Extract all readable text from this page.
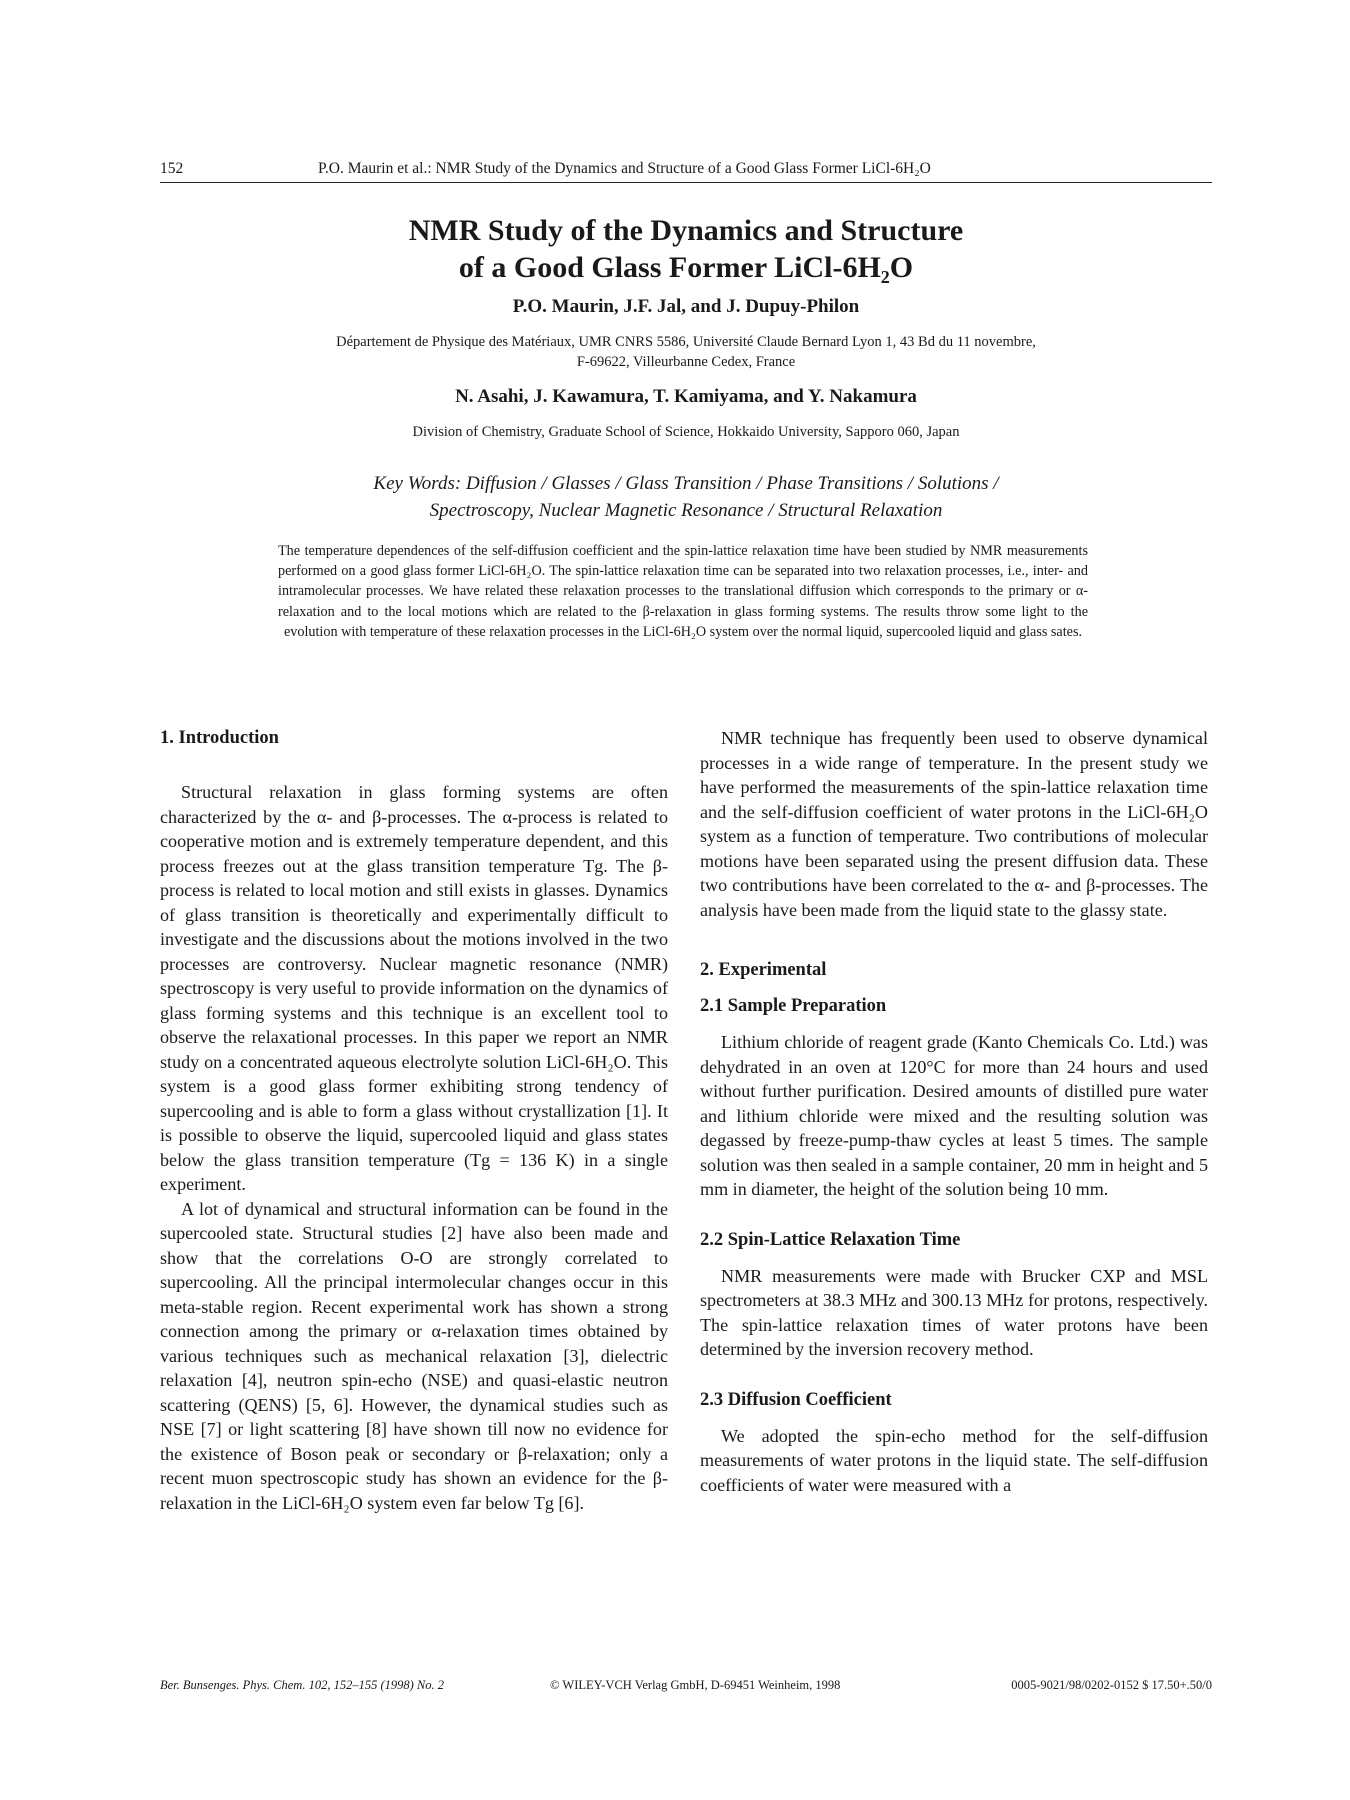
152	P.O. Maurin et al.: NMR Study of the Dynamics and Structure of a Good Glass Former LiCl-6H₂O

NMR Study of the Dynamics and Structure

of a Good Glass Former LiCl-6H₂O

P.O. Maurin, J.F. Jal, and J. Dupuy-Philon

Département de Physique des Matériaux, UMR CNRS 5586, Université Claude Bernard Lyon 1, 43 Bd du 11 novembre,

F-69622, Villeurbanne Cedex, France

N. Asahi, J. Kawamura, T. Kamiyama, and Y. Nakamura
Division of Chemistry, Graduate School of Science, Hokkaido University, Sapporo 060, Japan

Key Words: Diffusion / Glasses / Glass Transition / Phase Transitions / Solutions /

Spectroscopy, Nuclear Magnetic Resonance / Structural Relaxation

The temperature dependences of the self-diffusion coefficient and the spin-lattice relaxation time have been studied by NMR measurements performed on a good glass former LiCl-6H₂O. The spin-lattice relaxation time can be separated into two relaxation processes, i.e., inter- and intramolecular processes. We have related these relaxation processes to the translational diffusion which corresponds to the primary or α-relaxation and to the local motions which are related to the β-relaxation in glass forming systems. The results throw some light to the evolution with temperature of these relaxation processes in the LiCl-6H₂O system over the normal liquid, supercooled liquid and glass sates.
1. Introduction

Structural relaxation in glass forming systems are often characterized by the α- and β-processes. The α-process is related to cooperative motion and is extremely temperature dependent, and this process freezes out at the glass transition temperature Tg. The β-process is related to local motion and still exists in glasses. Dynamics of glass transition is theoretically and experimentally difficult to investigate and the discussions about the motions involved in the two processes are controversy. Nuclear magnetic resonance (NMR) spectroscopy is very useful to provide information on the dynamics of glass forming systems and this technique is an excellent tool to observe the relaxational processes. In this paper we report an NMR study on a concentrated aqueous electrolyte solution LiCl-6H₂O. This system is a good glass former exhibiting strong tendency of supercooling and is able to form a glass without crystallization [1]. It is possible to observe the liquid, supercooled liquid and glass states below the glass transition temperature (Tg = 136 K) in a single experiment.

A lot of dynamical and structural information can be found in the supercooled state. Structural studies [2] have also been made and show that the correlations O-O are strongly correlated to supercooling. All the principal intermolecular changes occur in this meta-stable region. Recent experimental work has shown a strong connection among the primary or α-relaxation times obtained by various techniques such as mechanical relaxation [3], dielectric relaxation [4], neutron spin-echo (NSE) and quasi-elastic neutron scattering (QENS) [5, 6]. However, the dynamical studies such as NSE [7] or light scattering [8] have shown till now no evidence for the existence of Boson peak or secondary or β-relaxation; only a recent muon spectroscopic study has shown an evidence for the β-relaxation in the LiCl-6H₂O system even far below Tg [6].

NMR technique has frequently been used to observe dynamical processes in a wide range of temperature. In the present study we have performed the measurements of the spin-lattice relaxation time and the self-diffusion coefficient of water protons in the LiCl-6H₂O system as a function of temperature. Two contributions of molecular motions have been separated using the present diffusion data. These two contributions have been correlated to the α- and β-processes. The analysis have been made from the liquid state to the glassy state.

2. Experimental
2.1 Sample Preparation

Lithium chloride of reagent grade (Kanto Chemicals Co. Ltd.) was dehydrated in an oven at 120°C for more than 24 hours and used without further purification. Desired amounts of distilled pure water and lithium chloride were mixed and the resulting solution was degassed by freeze-pump-thaw cycles at least 5 times. The sample solution was then sealed in a sample container, 20 mm in height and 5 mm in diameter, the height of the solution being 10 mm.

2.2 Spin-Lattice Relaxation Time

NMR measurements were made with Brucker CXP and MSL spectrometers at 38.3 MHz and 300.13 MHz for protons, respectively. The spin-lattice relaxation times of water protons have been determined by the inversion recovery method.

2.3 Diffusion Coefficient

We adopted the spin-echo method for the self-diffusion measurements of water protons in the liquid state. The self-diffusion coefficients of water were measured with a

Ber. Bunsenges. Phys. Chem. 102, 152–155 (1998) No. 2	© WILEY-VCH Verlag GmbH, D-69451 Weinheim, 1998	0005-9021/98/0202-0152 $ 17.50+.50/0
